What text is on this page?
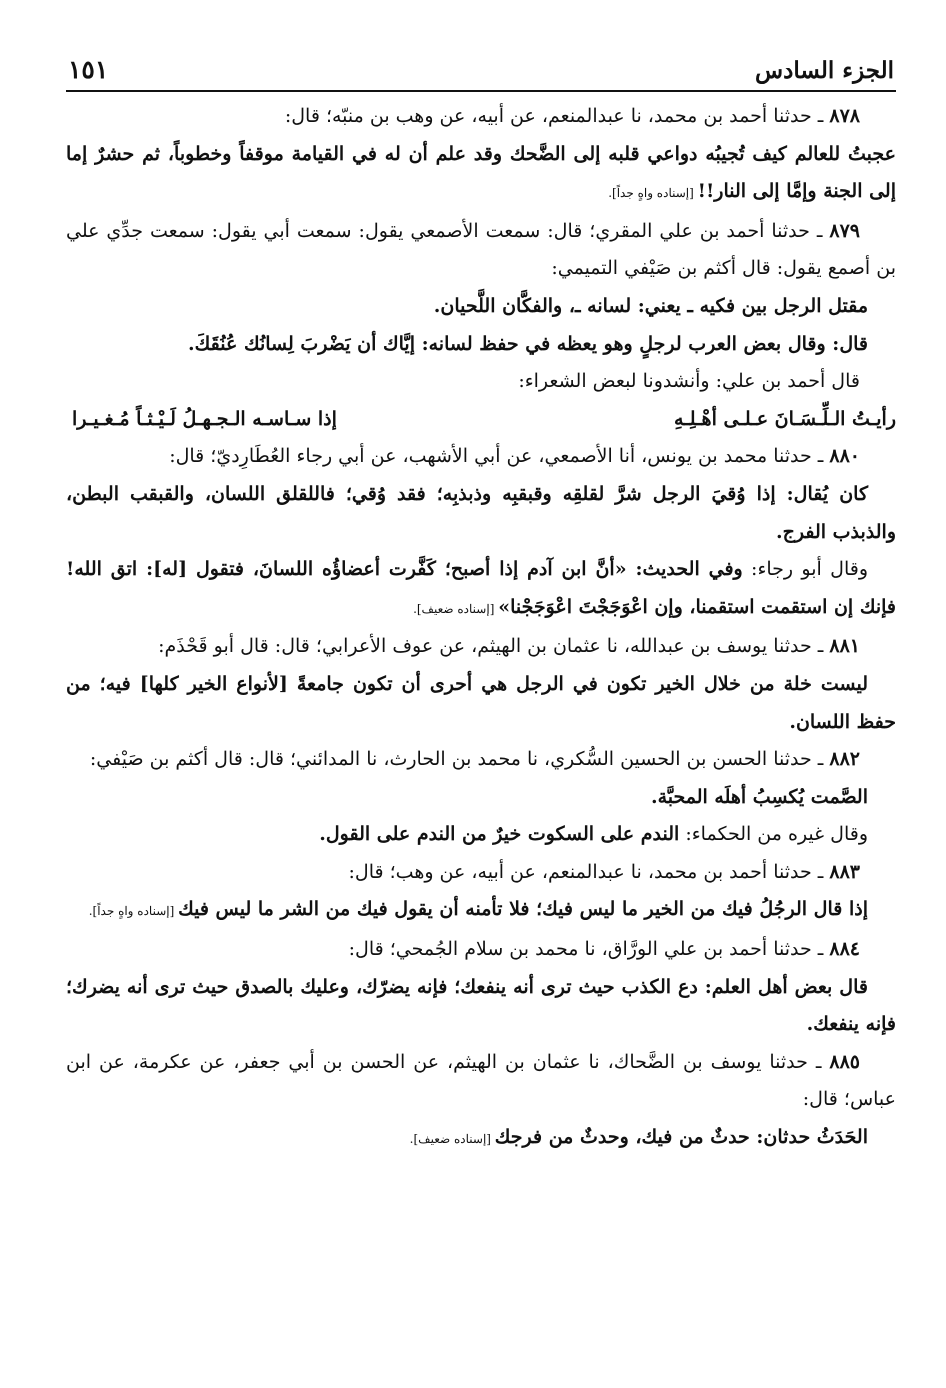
الجزء السادس
١٥١

٨٧٨ ـ حدثنا أحمد بن محمد، نا عبدالمنعم، عن أبيه، عن وهب بن منبّه؛ قال:

عجبتُ للعالم كيف تُجيبُه دواعي قلبه إلى الضَّحك وقد علم أن له في القيامة موقفاً وخطوباً، ثم حشرٌ إما إلى الجنة وإمَّا إلى النار!! [إسناده واهٍ جداً].

٨٧٩ ـ حدثنا أحمد بن علي المقري؛ قال: سمعت الأصمعي يقول: سمعت أبي يقول: سمعت جدِّي علي بن أصمع يقول: قال أكثم بن صَيْفي التميمي:

مقتل الرجل بين فكيه ـ يعني: لسانه ـ، والفكَّان اللَّحيان.

قال: وقال بعض العرب لرجلٍ وهو يعظه في حفظ لسانه: إيَّاك أن يَضْربَ لِسانُك عُنُقَكَ.

قال أحمد بن علي: وأنشدونا لبعض الشعراء:

رأيـتُ الـلِّـسَـانَ عـلـى أهْـلِـهِ
إذا سـاسـه الـجـهـلُ لَـيْـثـاً مُـغـيـرا

٨٨٠ ـ حدثنا محمد بن يونس، أنا الأصمعي، عن أبي الأشهب، عن أبي رجاء العُطَارِديّ؛ قال:

كان يُقال: إذا وُقيَ الرجل شرَّ لقلقِه وقبقبِه وذبذبِه؛ فقد وُقي؛ فاللقلق اللسان، والقبقب البطن، والذبذب الفرج.

وقال أبو رجاء: وفي الحديث: «أنَّ ابن آدم إذا أصبح؛ كَفَّرت أعضاؤُه اللسانَ، فتقول [له]: اتق الله! فإنك إن استقمت استقمنا، وإن اعْوَجَجْتَ اعْوَجَجْنا» [إسناده ضعيف].

٨٨١ ـ حدثنا يوسف بن عبدالله، نا عثمان بن الهيثم، عن عوف الأعرابي؛ قال: قال أبو قَحْذَم:

ليست خلة من خلال الخير تكون في الرجل هي أحرى أن تكون جامعةً [لأنواع الخير كلها] فيه؛ من حفظ اللسان.

٨٨٢ ـ حدثنا الحسن بن الحسين السُّكري، نا محمد بن الحارث، نا المدائني؛ قال: قال أكثم بن صَيْفي:

الصَّمت يُكسِبُ أهلَه المحبَّة.

وقال غيره من الحكماء: الندم على السكوت خيرٌ من الندم على القول.

٨٨٣ ـ حدثنا أحمد بن محمد، نا عبدالمنعم، عن أبيه، عن وهب؛ قال:

إذا قال الرجُلُ فيك من الخير ما ليس فيك؛ فلا تأمنه أن يقول فيك من الشر ما ليس فيك [إسناده واهٍ جداً].

٨٨٤ ـ حدثنا أحمد بن علي الورَّاق، نا محمد بن سلام الجُمحي؛ قال:

قال بعض أهل العلم: دع الكذب حيث ترى أنه ينفعك؛ فإنه يضرّك، وعليك بالصدق حيث ترى أنه يضرك؛ فإنه ينفعك.

٨٨٥ ـ حدثنا يوسف بن الضَّحاك، نا عثمان بن الهيثم، عن الحسن بن أبي جعفر، عن عكرمة، عن ابن عباس؛ قال:

الحَدَثُ حدثان: حدثٌ من فيك، وحدثٌ من فرجك [إسناده ضعيف].
